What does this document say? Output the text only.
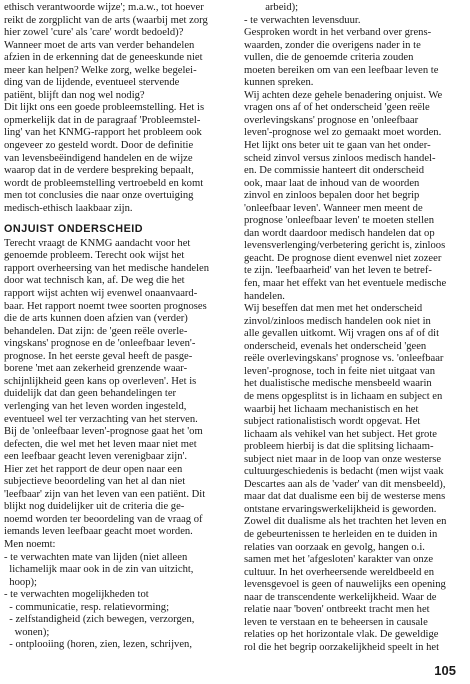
ethisch verantwoorde wijze'; m.a.w., tot hoever
reikt de zorgplicht van de arts (waarbij met zorg
hier zowel 'cure' als 'care' wordt bedoeld)?
Wanneer moet de arts van verder behandelen
afzien in de erkenning dat de geneeskunde niet
meer kan helpen? Welke zorg, welke begelei-
ding van de lijdende, eventueel stervende
patiënt, blijft dan nog wel nodig?
Dit lijkt ons een goede probleemstelling. Het is
opmerkelijk dat in de paragraaf 'Probleemstel-
ling' van het KNMG-rapport het probleem ook
ongeveer zo gesteld wordt. Door de definitie
van levensbeëindigend handelen en de wijze
waarop dat in de verdere bespreking bepaalt,
wordt de probleemstelling vertroebeld en komt
men tot conclusies die naar onze overtuiging
medisch-ethisch laakbaar zijn.
ONJUIST ONDERSCHEID
Terecht vraagt de KNMG aandacht voor het
genoemde probleem. Terecht ook wijst het
rapport overheersing van het medische handelen
door wat technisch kan, af. De weg die het
rapport wijst achten wij evenwel onaanvaard-
baar. Het rapport noemt twee soorten prognoses
die de arts kunnen doen afzien van (verder)
behandelen. Dat zijn: de 'geen reële overle-
vingskans' prognose en de 'onleefbaar leven'-
prognose. In het eerste geval heeft de pasge-
borene 'met aan zekerheid grenzende waar-
schijnlijkheid geen kans op overleven'. Het is
duidelijk dat dan geen behandelingen ter
verlenging van het leven worden ingesteld,
eventueel wel ter verzachting van het sterven.
Bij de 'onleefbaar leven'-prognose gaat het 'om
defecten, die wel met het leven maar niet met
een leefbaar geacht leven verenigbaar zijn'.
Hier zet het rapport de deur open naar een
subjectieve beoordeling van het al dan niet
'leefbaar' zijn van het leven van een patiënt. Dit
blijkt nog duidelijker uit de criteria die ge-
noemd worden ter beoordeling van de vraag of
iemands leven leefbaar geacht moet worden.
Men noemt:
- te verwachten mate van lijden (niet alleen
lichamelijk maar ook in de zin van uitzicht,
hoop);
- te verwachten mogelijkheden tot
- communicatie, resp. relatievorming;
- zelfstandigheid (zich bewegen, verzorgen,
wonen);
- ontplooiing (horen, zien, lezen, schrijven,
arbeid);
- te verwachten levensduur.
Gesproken wordt in het verband over grens-
waarden, zonder die overigens nader in te
vullen, die de genoemde criteria zouden
moeten bereiken om van een leefbaar leven te
kunnen spreken.
Wij achten deze gehele benadering onjuist. We
vragen ons af of het onderscheid 'geen reële
overlevingskans' prognose en 'onleefbaar
leven'-prognose wel zo gemaakt moet worden.
Het lijkt ons beter uit te gaan van het onder-
scheid zinvol versus zinloos medisch handel-
en. De commissie hanteert dit onderscheid
ook, maar laat de inhoud van de woorden
zinvol en zinloos bepalen door het begrip
'onleefbaar leven'. Wanneer men meent de
prognose 'onleefbaar leven' te moeten stellen
dan wordt daardoor medisch handelen dat op
levensverlenging/verbetering gericht is, zinloos
geacht. De prognose dient evenwel niet zozeer
te zijn. 'leefbaarheid' van het leven te betref-
fen, maar het effekt van het eventuele medische
handelen.
Wij beseffen dat men met het onderscheid
zinvol/zinloos medisch handelen ook niet in
alle gevallen uitkomt. Wij vragen ons af of dit
onderscheid, evenals het onderscheid 'geen
reële overlevingskans' prognose vs. 'onleefbaar
leven'-prognose, toch in feite niet uitgaat van
het dualistische medische mensbeeld waarin
de mens opgesplitst is in lichaam en subject en
waarbij het lichaam mechanistisch en het
subject rationalistisch wordt opgevat. Het
lichaam als vehikel van het subject. Het grote
probleem hierbij is dat die splitsing lichaam-
subject niet maar in de loop van onze westerse
cultuurgeschiedenis is bedacht (men wijst vaak
Descartes aan als de 'vader' van dit mensbeeld),
maar dat dat dualisme een bij de westerse mens
ontstane ervaringswerkelijkheid is geworden.
Zowel dit dualisme als het trachten het leven en
de gebeurtenissen te herleiden en te duiden in
relaties van oorzaak en gevolg, hangen o.i.
samen met het 'afgesloten' karakter van onze
cultuur. In het overheersende wereldbeeld en
levensgevoel is geen of nauwelijks een opening
naar de transcendente werkelijkheid. Waar de
relatie naar 'boven' ontbreekt tracht men het
leven te verstaan en te beheersen in causale
relaties op het horizontale vlak. De geweldige
rol die het begrip oorzakelijkheid speelt in het
105
